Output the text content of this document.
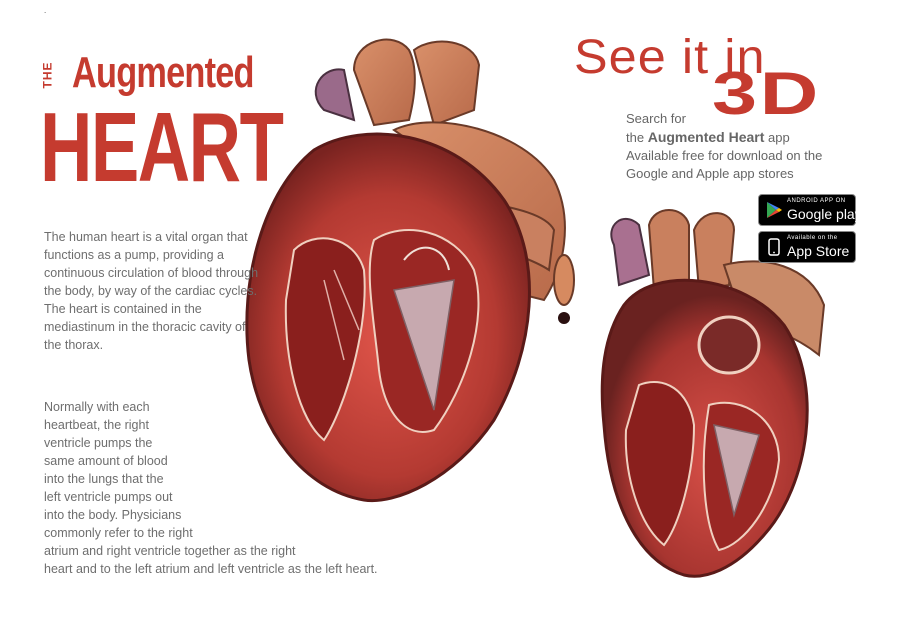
.
THE Augmented
HEART
The human heart is a vital organ that functions as a pump, providing a continuous circulation of blood through the body, by way of the cardiac cycles. The heart is contained in the mediastinum in the thoracic cavity of the thorax.
Normally with each
heartbeat, the right
ventricle pumps the
same amount of blood
into the lungs that the
left ventricle pumps out
into the body. Physicians
commonly refer to the right
atrium and right ventricle together as the right
heart and to the left atrium and left ventricle as the left heart.
See it in
3D
Search for
the Augmented Heart app
Available free for download on the
Google and Apple app stores
ANDROID APP ON
Google play
Available on the
App Store
